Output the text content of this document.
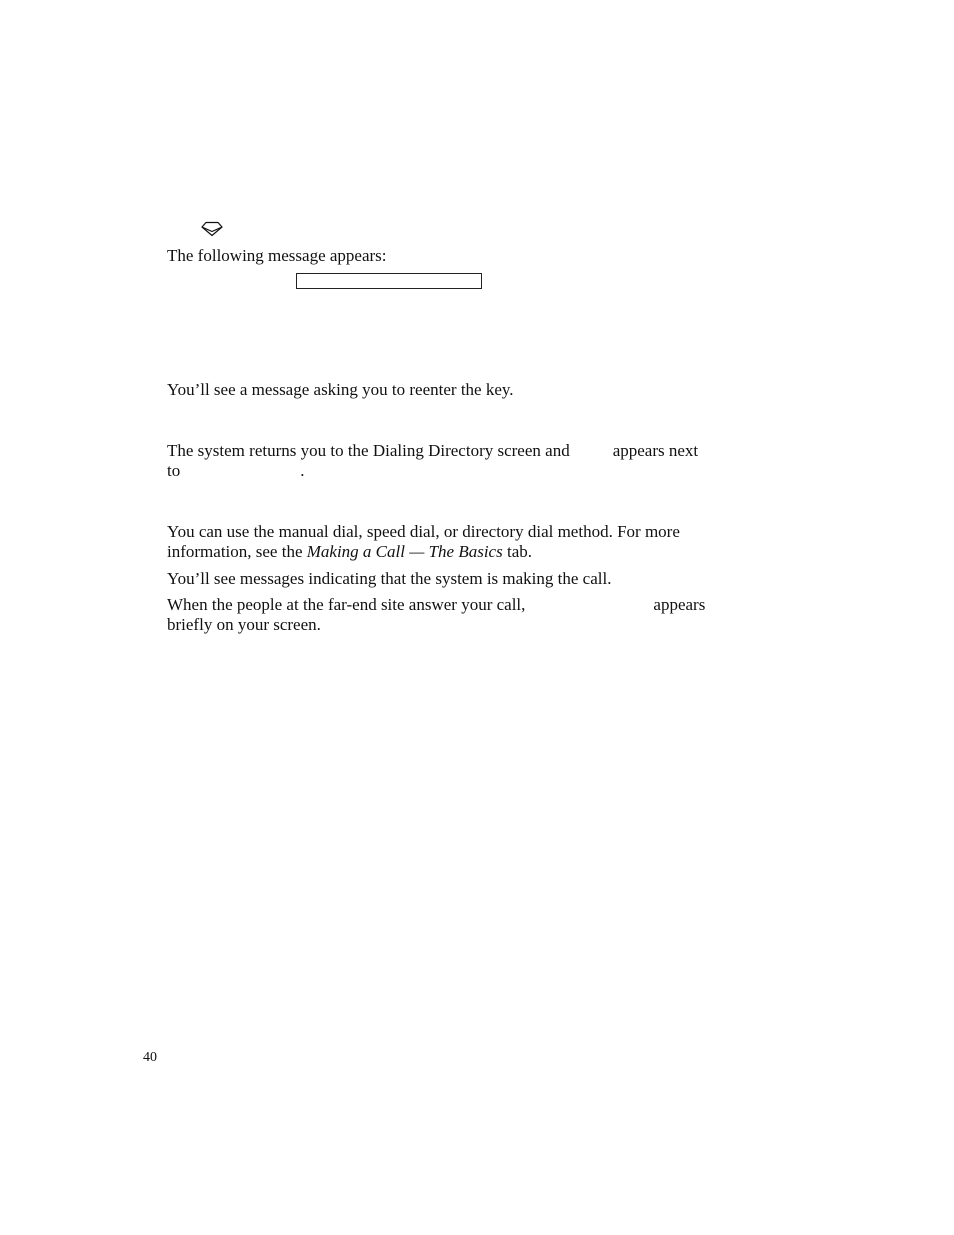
The following message appears:

You’ll see a message asking you to reenter the key.

The system returns you to the Dialing Directory screen and	appears next

to	.

You can use the manual dial, speed dial, or directory dial method. For more

information, see the Making a Call — The Basics tab.

You’ll see messages indicating that the system is making the call.

When the people at the far-end site answer your call,	appears

briefly on your screen.

40
